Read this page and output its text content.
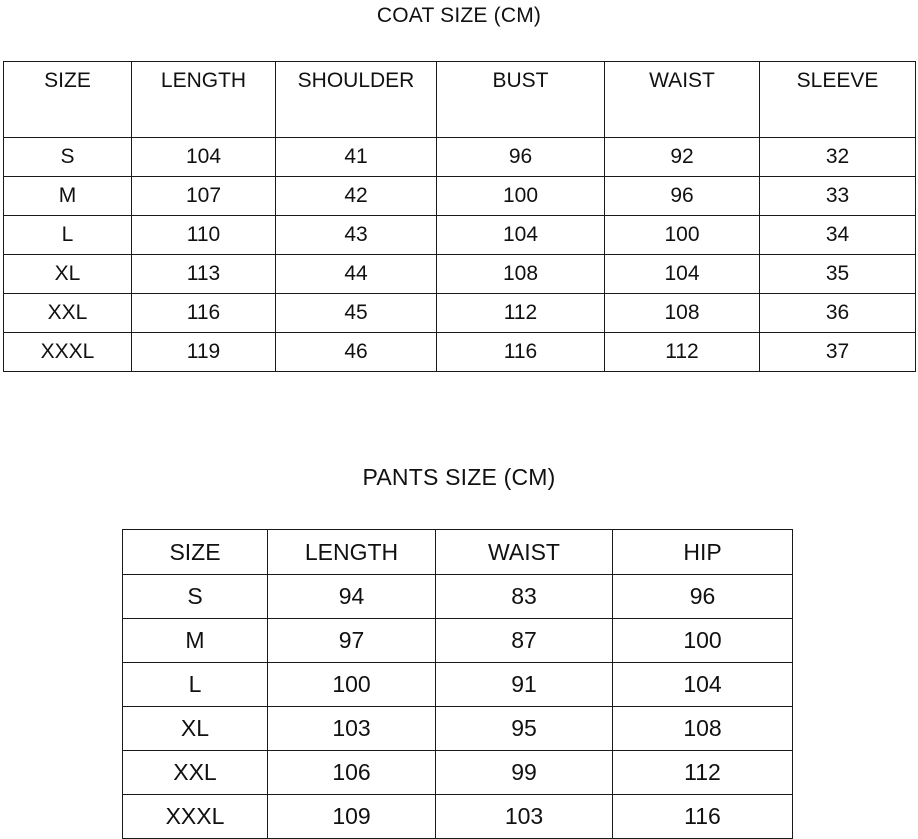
COAT SIZE (CM)
SIZE	LENGTH	SHOULDER	BUST	WAIST	SLEEVE
S	104	41	96	92	32
M	107	42	100	96	33
L	110	43	104	100	34
XL	113	44	108	104	35
XXL	116	45	112	108	36
XXXL	119	46	116	112	37
PANTS SIZE (CM)
SIZE	LENGTH	WAIST	HIP
S	94	83	96
M	97	87	100
L	100	91	104
XL	103	95	108
XXL	106	99	112
XXXL	109	103	116
